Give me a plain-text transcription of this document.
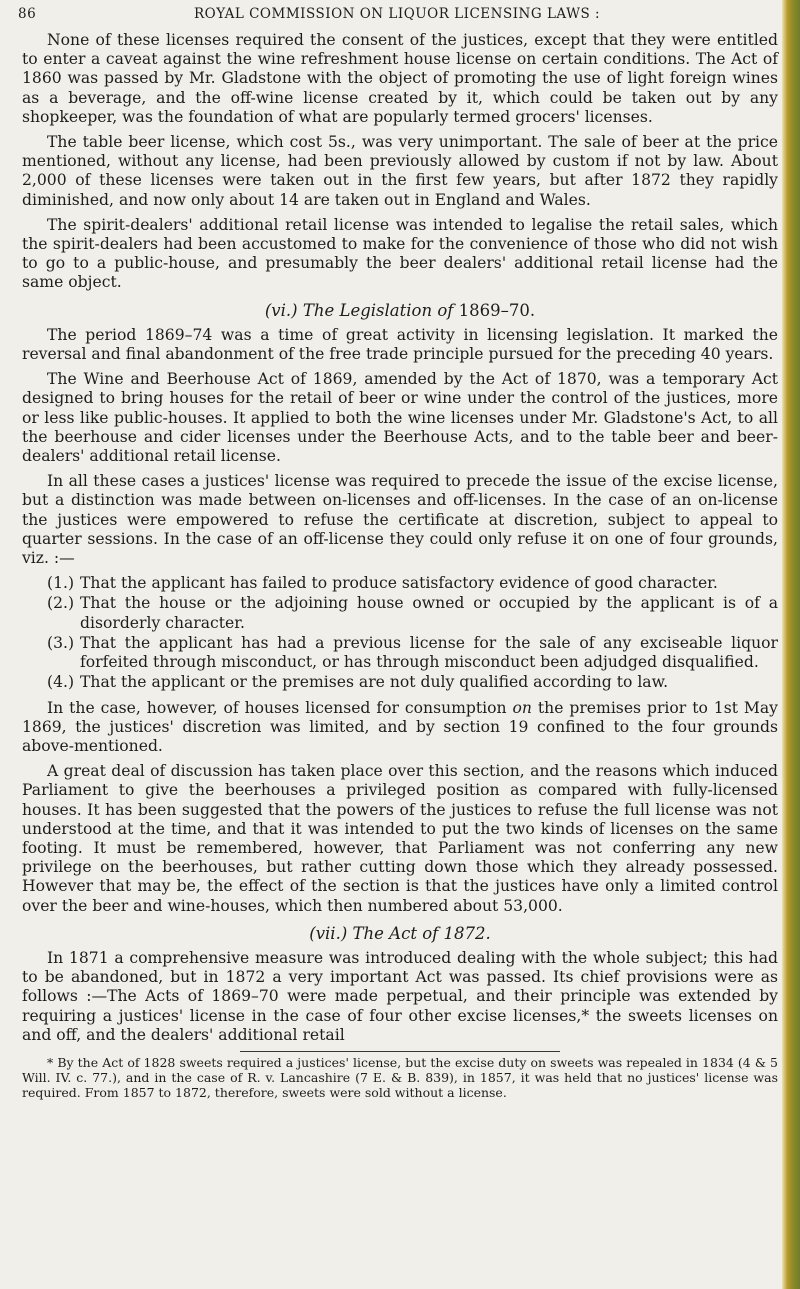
86	ROYAL COMMISSION ON LIQUOR LICENSING LAWS :

None of these licenses required the consent of the justices, except that they were entitled to enter a caveat against the wine refreshment house license on certain conditions. The Act of 1860 was passed by Mr. Gladstone with the object of promoting the use of light foreign wines as a beverage, and the off-wine license created by it, which could be taken out by any shopkeeper, was the foundation of what are popularly termed grocers' licenses.

The table beer license, which cost 5s., was very unimportant. The sale of beer at the price mentioned, without any license, had been previously allowed by custom if not by law. About 2,000 of these licenses were taken out in the first few years, but after 1872 they rapidly diminished, and now only about 14 are taken out in England and Wales.

The spirit-dealers' additional retail license was intended to legalise the retail sales, which the spirit-dealers had been accustomed to make for the convenience of those who did not wish to go to a public-house, and presumably the beer dealers' additional retail license had the same object.

(vi.) The Legislation of 1869–70.

The period 1869–74 was a time of great activity in licensing legislation. It marked the reversal and final abandonment of the free trade principle pursued for the preceding 40 years.

The Wine and Beerhouse Act of 1869, amended by the Act of 1870, was a temporary Act designed to bring houses for the retail of beer or wine under the control of the justices, more or less like public-houses. It applied to both the wine licenses under Mr. Gladstone's Act, to all the beerhouse and cider licenses under the Beerhouse Acts, and to the table beer and beer-dealers' additional retail license.

In all these cases a justices' license was required to precede the issue of the excise license, but a distinction was made between on-licenses and off-licenses. In the case of an on-license the justices were empowered to refuse the certificate at discretion, subject to appeal to quarter sessions. In the case of an off-license they could only refuse it on one of four grounds, viz. :—

(1.) That the applicant has failed to produce satisfactory evidence of good character.
(2.) That the house or the adjoining house owned or occupied by the applicant is of a disorderly character.
(3.) That the applicant has had a previous license for the sale of any exciseable liquor forfeited through misconduct, or has through misconduct been adjudged disqualified.
(4.) That the applicant or the premises are not duly qualified according to law.

In the case, however, of houses licensed for consumption on the premises prior to 1st May 1869, the justices' discretion was limited, and by section 19 confined to the four grounds above-mentioned.

A great deal of discussion has taken place over this section, and the reasons which induced Parliament to give the beerhouses a privileged position as compared with fully-licensed houses. It has been suggested that the powers of the justices to refuse the full license was not understood at the time, and that it was intended to put the two kinds of licenses on the same footing. It must be remembered, however, that Parliament was not conferring any new privilege on the beerhouses, but rather cutting down those which they already possessed. However that may be, the effect of the section is that the justices have only a limited control over the beer and wine-houses, which then numbered about 53,000.

(vii.) The Act of 1872.

In 1871 a comprehensive measure was introduced dealing with the whole subject; this had to be abandoned, but in 1872 a very important Act was passed. Its chief provisions were as follows :—The Acts of 1869–70 were made perpetual, and their principle was extended by requiring a justices' license in the case of four other excise licenses,* the sweets licenses on and off, and the dealers' additional retail

* By the Act of 1828 sweets required a justices' license, but the excise duty on sweets was repealed in 1834 (4 & 5 Will. IV. c. 77.), and in the case of R. v. Lancashire (7 E. & B. 839), in 1857, it was held that no justices' license was required. From 1857 to 1872, therefore, sweets were sold without a license.
